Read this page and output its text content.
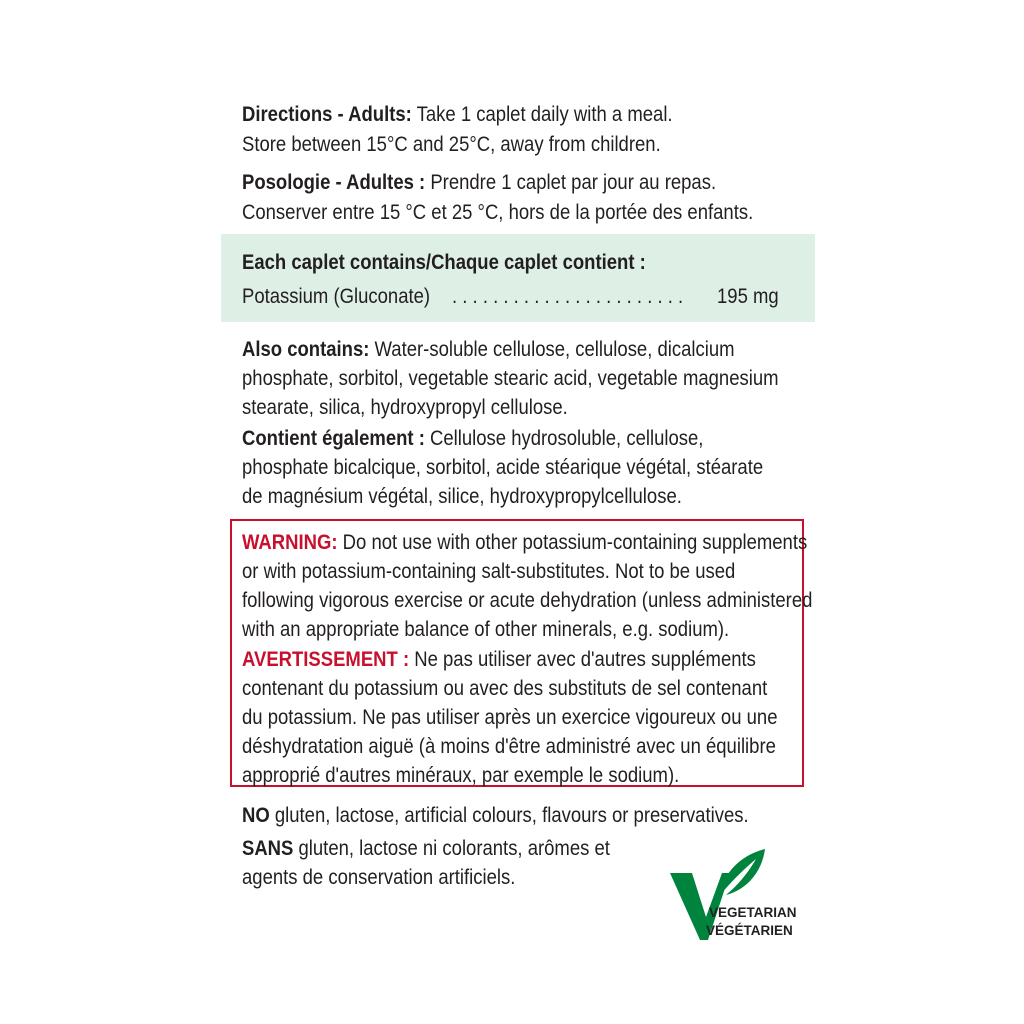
Directions - Adults: Take 1 caplet daily with a meal.
Store between 15°C and 25°C, away from children.
Posologie - Adultes : Prendre 1 caplet par jour au repas.
Conserver entre 15 °C et 25 °C, hors de la portée des enfants.
Each caplet contains/Chaque caplet contient :
Potassium (Gluconate)	. . . . . . . . . . . . . . . . . . . . . . .	195 mg
Also contains: Water-soluble cellulose, cellulose, dicalcium
phosphate, sorbitol, vegetable stearic acid, vegetable magnesium
stearate, silica, hydroxypropyl cellulose.
Contient également : Cellulose hydrosoluble, cellulose,
phosphate bicalcique, sorbitol, acide stéarique végétal, stéarate
de magnésium végétal, silice, hydroxypropylcellulose.
WARNING: Do not use with other potassium-containing supplements
or with potassium-containing salt-substitutes. Not to be used
following vigorous exercise or acute dehydration (unless administered
with an appropriate balance of other minerals, e.g. sodium).
AVERTISSEMENT : Ne pas utiliser avec d'autres suppléments
contenant du potassium ou avec des substituts de sel contenant
du potassium. Ne pas utiliser après un exercice vigoureux ou une
déshydratation aiguë (à moins d'être administré avec un équilibre
approprié d'autres minéraux, par exemple le sodium).
NO gluten, lactose, artificial colours, flavours or preservatives.
SANS gluten, lactose ni colorants, arômes et
agents de conservation artificiels.
VEGETARIAN
VÉGÉTARIEN
